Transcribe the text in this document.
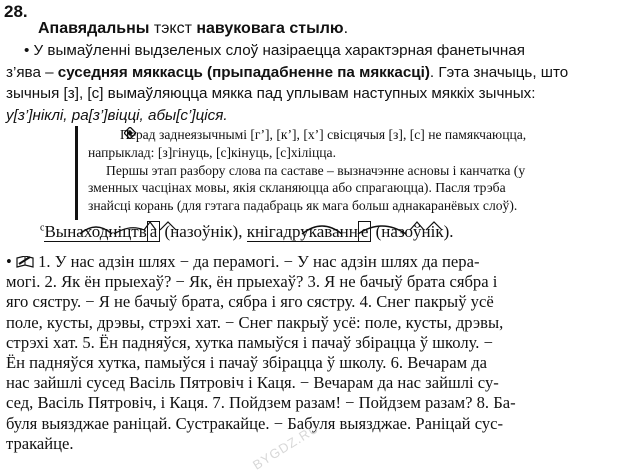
28.
Апавядальны тэкст навуковага стылю.

• У вымаўленні выдзеленых слоў назіраецца характэрная фанетычная

з’ява – суседняя мяккасць (прыпадабненне па мяккасці). Гэта значыць, што

зычныя [з], [с] вымаўляюцца мякка пад уплывам наступных мяккіх зычных:

у[з’]нiклi, ра[з’]вiццi, абы[с’]цiся.

Перад заднеязычнымі [г’], [к’], [х’] свісцячыя [з], [с] не памякчаюцца,

напрыклад: [з]гiнуць, [с]кiнуць, [с]хiлiцца.

Першы этап разбору слова па саставе – вызначэнне асновы і канчатка (у

зменных часцінах мовы, якія скланяюцца або спрагаюцца). Пасля трэба

знайсці корань (для гэтага падабраць як мага больш аднакаранёвых слоў).

$^с$Вынаходніцтв а (назоўнік), кнігадрукаванн е (назоўнік).

•  1. У нас адзін шлях − да перамогі. − У нас адзін шлях да пера-

могі. 2. Як ён прыехаў? − Як, ён прыехаў? 3. Я не бачыў брата сябра і

яго сястру. − Я не бачыў брата, сябра і яго сястру. 4. Снег пакрыў усё

поле, кусты, дрэвы, стрэхі хат. − Снег пакрыў усё: поле, кусты, дрэвы,

стрэхі хат. 5. Ён падняўся, хутка памыўся і пачаў збірацца ў школу. −

Ён падняўся хутка, памыўся і пачаў збірацца ў школу. 6. Вечарам да

нас зайшлі сусед Васіль Пятровіч і Каця. − Вечарам да нас зайшлі су-

сед, Васіль Пятровіч, і Каця. 7. Пойдзем разам! − Пойдзем разам? 8. Ба-

буля выязджае раніцай. Сустракайце. − Бабуля выязджае. Раніцай сус-

тракайце.	BYGDZ.RU
